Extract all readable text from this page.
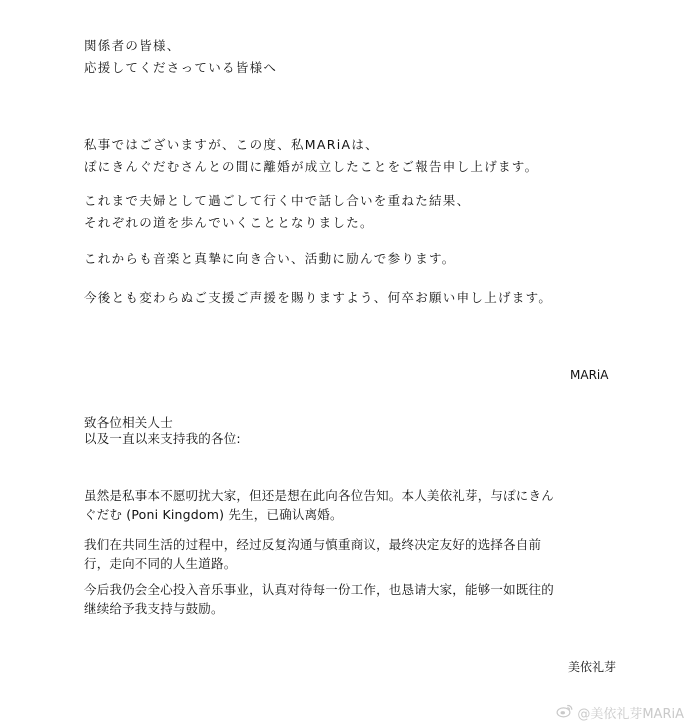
関係者の皆様、
応援してくださっている皆様へ
私事ではございますが、この度、私MARiAは、
ぽにきんぐだむさんとの間に離婚が成立したことをご報告申し上げます。
これまで夫婦として過ごして行く中で話し合いを重ねた結果、
それぞれの道を歩んでいくこととなりました。
これからも音楽と真摯に向き合い、活動に励んで参ります。
今後とも変わらぬご支援ご声援を賜りますよう、何卒お願い申し上げます。
MARiA
致各位相关人士
以及一直以来支持我的各位:
虽然是私事本不愿叨扰大家，但还是想在此向各位告知。本人美依礼芽，与ぽにきん
ぐだむ (Poni Kingdom) 先生，已确认离婚。
我们在共同生活的过程中，经过反复沟通与慎重商议，最终决定友好的选择各自前
行，走向不同的人生道路。
今后我仍会全心投入音乐事业，认真对待每一份工作，也恳请大家，能够一如既往的
继续给予我支持与鼓励。
美依礼芽
@美依礼芽MARiA
